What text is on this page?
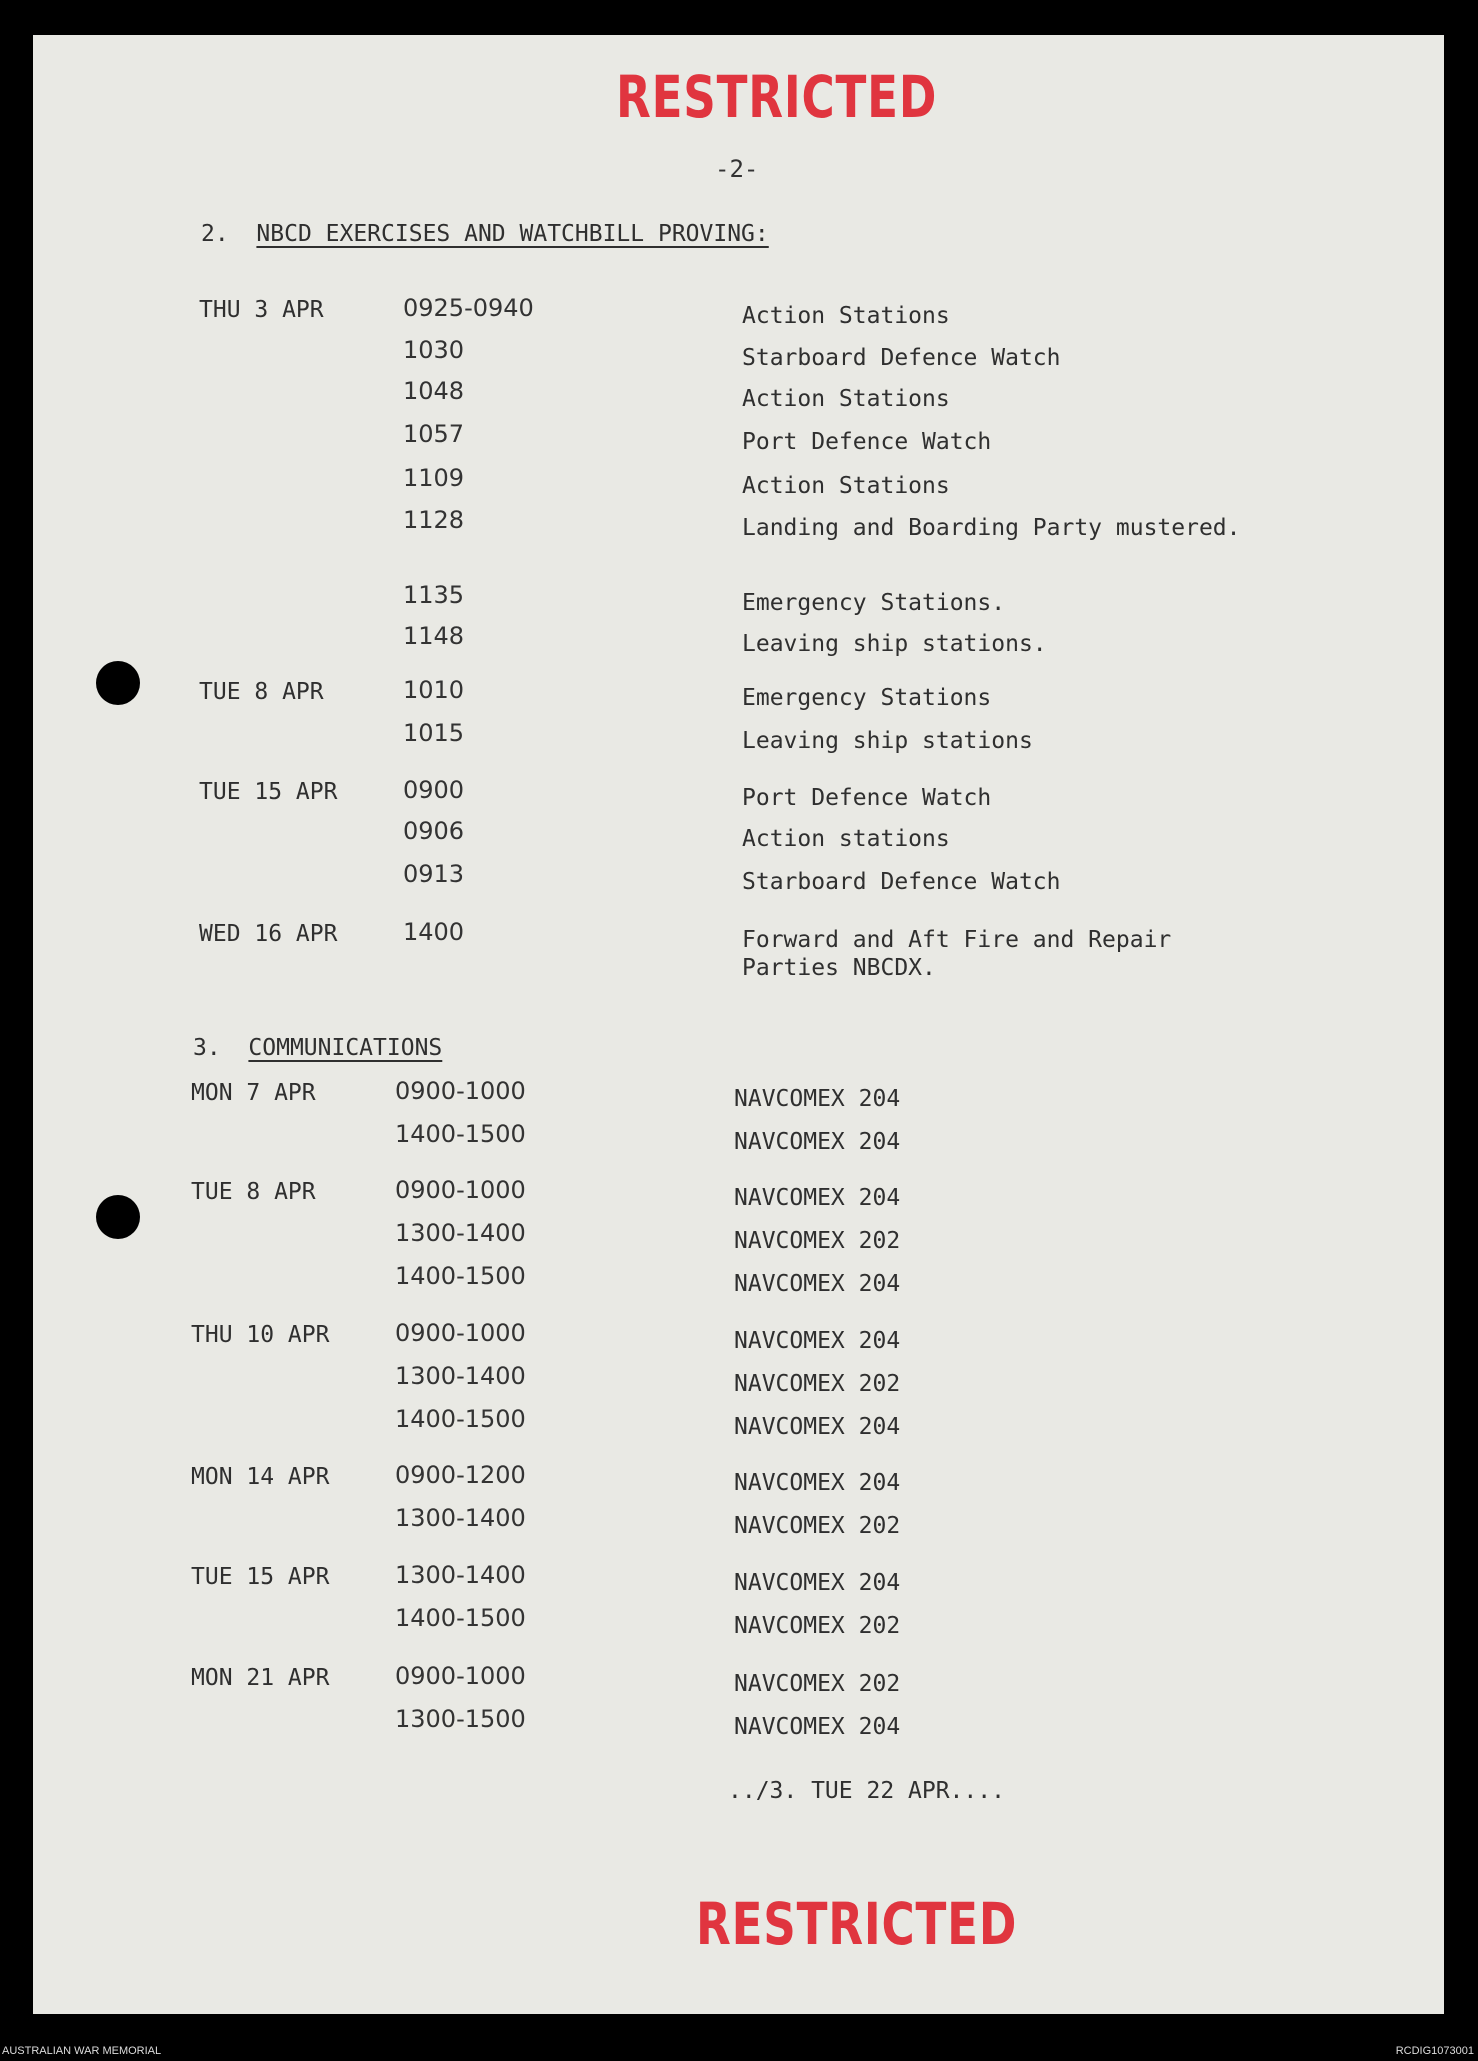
RESTRICTED
-2-
2. NBCD EXERCISES AND WATCHBILL PROVING:
THU 3 APR	0925-0940	Action Stations
1030	Starboard Defence Watch
1048	Action Stations
1057	Port Defence Watch
1109	Action Stations
1128	Landing and Boarding Party mustered.
1135	Emergency Stations.
1148	Leaving ship stations.
TUE 8 APR	1010	Emergency Stations
1015	Leaving ship stations
TUE 15 APR	0900	Port Defence Watch
0906	Action stations
0913	Starboard Defence Watch
WED 16 APR	1400	Forward and Aft Fire and Repair Parties NBCDX.
3. COMMUNICATIONS
MON 7 APR	0900-1000	NAVCOMEX 204
1400-1500	NAVCOMEX 204
TUE 8 APR	0900-1000	NAVCOMEX 204
1300-1400	NAVCOMEX 202
1400-1500	NAVCOMEX 204
THU 10 APR	0900-1000	NAVCOMEX 204
1300-1400	NAVCOMEX 202
1400-1500	NAVCOMEX 204
MON 14 APR	0900-1200	NAVCOMEX 204
1300-1400	NAVCOMEX 202
TUE 15 APR	1300-1400	NAVCOMEX 204
1400-1500	NAVCOMEX 202
MON 21 APR	0900-1000	NAVCOMEX 202
1300-1500	NAVCOMEX 204
../3. TUE 22 APR....
RESTRICTED
AUSTRALIAN WAR MEMORIAL	RCDIG1073001
